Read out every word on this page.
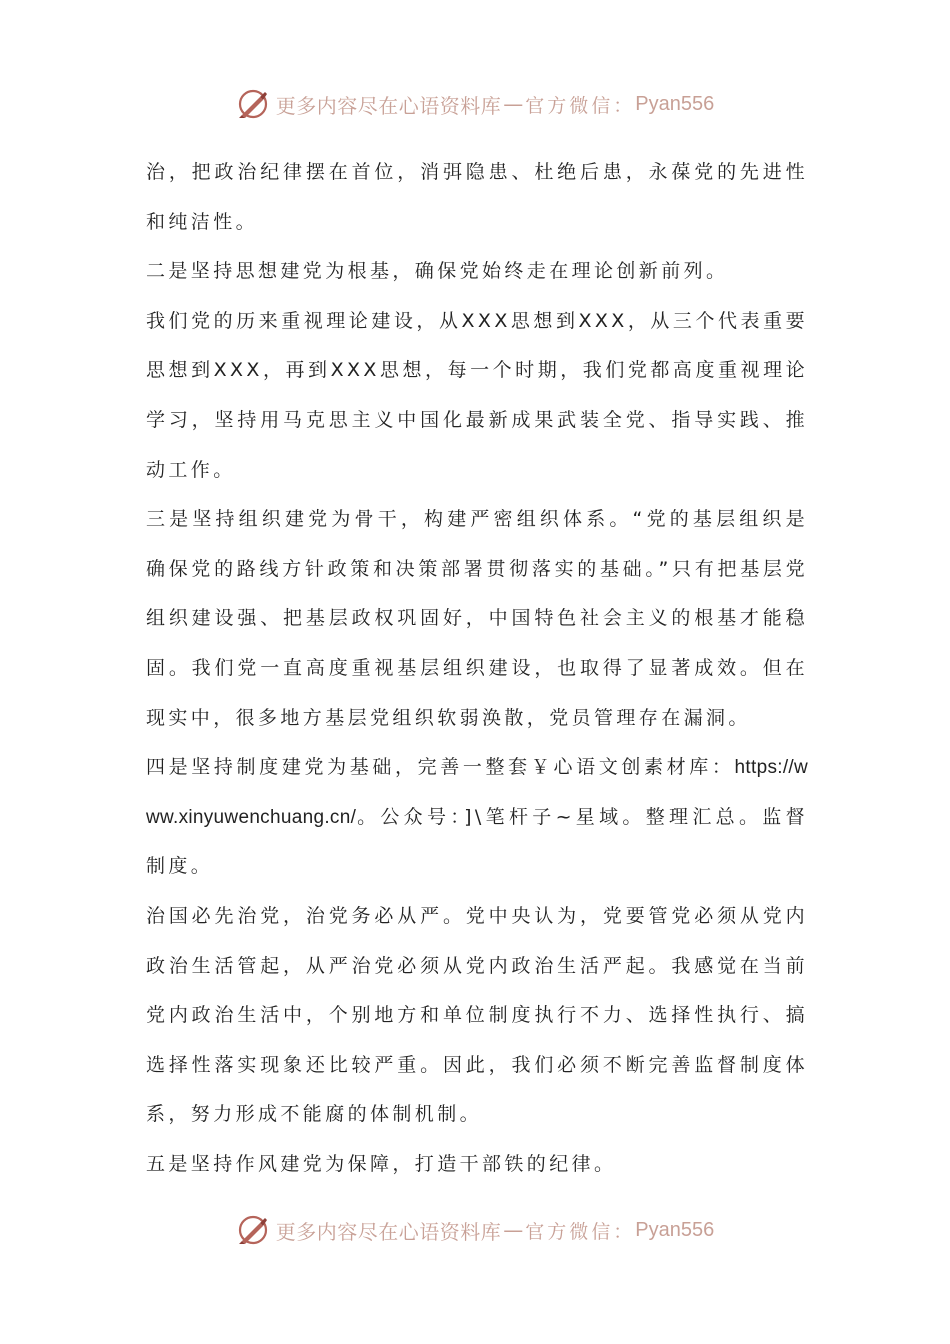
更多内容尽在心语资料库 — 官方微信： Pyan556

治，把政治纪律摆在首位，消弭隐患、杜绝后患，永葆党的先进性和纯洁性。

二是坚持思想建党为根基，确保党始终走在理论创新前列。

我们党的历来重视理论建设，从XXX思想到XXX，从三个代表重要思想到XXX，再到XXX思想，每一个时期，我们党都高度重视理论学习，坚持用马克思主义中国化最新成果武装全党、指导实践、推动工作。

三是坚持组织建党为骨干，构建严密组织体系。“党的基层组织是确保党的路线方针政策和决策部署贯彻落实的基础。”只有把基层党组织建设强、把基层政权巩固好，中国特色社会主义的根基才能稳固。我们党一直高度重视基层组织建设，也取得了显著成效。但在现实中，很多地方基层党组织软弱涣散，党员管理存在漏洞。

四是坚持制度建党为基础，完善一整套￥心语文创素材库：https://www.xinyuwenchuang.cn/。公众号：]\笔杆子~星域。整理汇总。监督制度。

治国必先治党，治党务必从严。党中央认为，党要管党必须从党内政治生活管起，从严治党必须从党内政治生活严起。我感觉在当前党内政治生活中，个别地方和单位制度执行不力、选择性执行、搞选择性落实现象还比较严重。因此，我们必须不断完善监督制度体系，努力形成不能腐的体制机制。

五是坚持作风建党为保障，打造干部铁的纪律。

更多内容尽在心语资料库 — 官方微信： Pyan556
